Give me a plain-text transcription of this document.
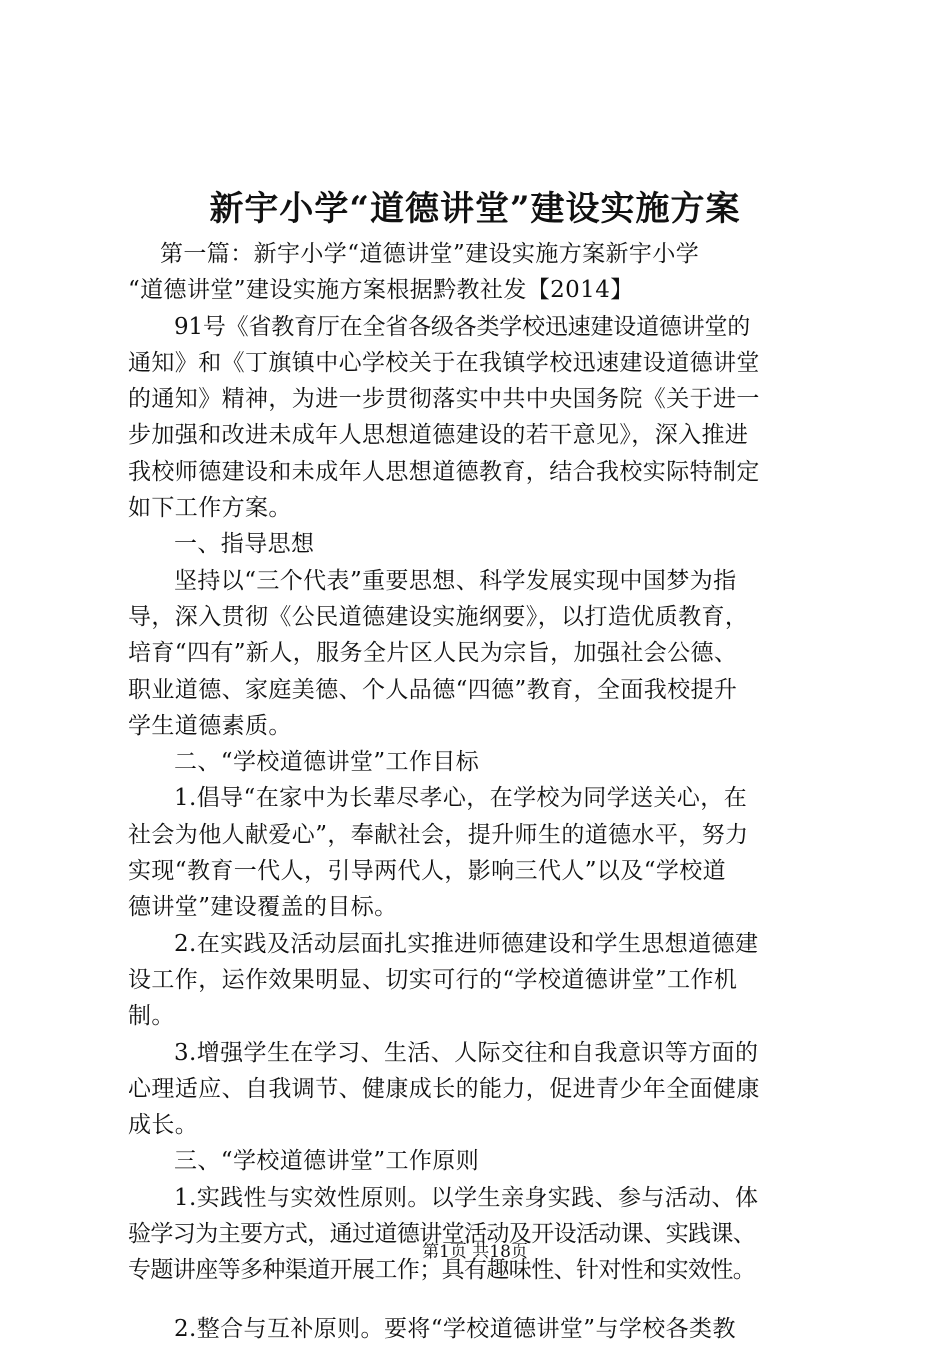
新宇小学“道德讲堂”建设实施方案
第一篇：新宇小学“道德讲堂”建设实施方案新宇小学
“道德讲堂”建设实施方案根据黔教社发【2014】
91号《省教育厅在全省各级各类学校迅速建设道德讲堂的
通知》和《丁旗镇中心学校关于在我镇学校迅速建设道德讲堂
的通知》精神，为进一步贯彻落实中共中央国务院《关于进一
步加强和改进未成年人思想道德建设的若干意见》，深入推进
我校师德建设和未成年人思想道德教育，结合我校实际特制定
如下工作方案。
一、指导思想
坚持以“三个代表”重要思想、科学发展实现中国梦为指
导，深入贯彻《公民道德建设实施纲要》，以打造优质教育，
培育“四有”新人，服务全片区人民为宗旨，加强社会公德、
职业道德、家庭美德、个人品德“四德”教育，全面我校提升
学生道德素质。
二、“学校道德讲堂”工作目标
1.倡导“在家中为长辈尽孝心，在学校为同学送关心，在
社会为他人献爱心”，奉献社会，提升师生的道德水平，努力
实现“教育一代人，引导两代人，影响三代人”以及“学校道
德讲堂”建设覆盖的目标。
2.在实践及活动层面扎实推进师德建设和学生思想道德建
设工作，运作效果明显、切实可行的“学校道德讲堂”工作机
制。
3.增强学生在学习、生活、人际交往和自我意识等方面的
心理适应、自我调节、健康成长的能力，促进青少年全面健康
成长。
三、“学校道德讲堂”工作原则
1.实践性与实效性原则。以学生亲身实践、参与活动、体
验学习为主要方式，通过道德讲堂活动及开设活动课、实践课、
专题讲座等多种渠道开展工作；具有趣味性、针对性和实效性。
2.整合与互补原则。要将“学校道德讲堂”与学校各类教
第1页 共18页
